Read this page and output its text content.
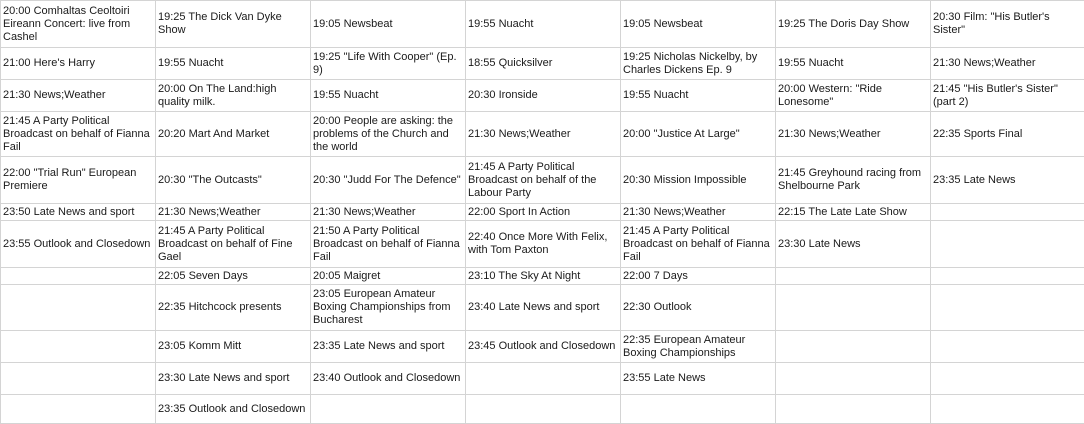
20:00 Comhaltas Ceoltoiri Eireann Concert: live from Cashel	19:25 The Dick Van Dyke Show	19:05 Newsbeat	19:55 Nuacht	19:05 Newsbeat	19:25 The Doris Day Show	20:30 Film: "His Butler's Sister"
21:00 Here's Harry	19:55 Nuacht	19:25 "Life With Cooper" (Ep. 9)	18:55 Quicksilver	19:25 Nicholas Nickelby, by Charles Dickens Ep. 9	19:55 Nuacht	21:30 News;Weather
21:30 News;Weather	20:00 On The Land:high quality milk.	19:55 Nuacht	20:30 Ironside	19:55 Nuacht	20:00 Western: "Ride Lonesome"	21:45 "His Butler's Sister" (part 2)
21:45 A Party Political Broadcast on behalf of Fianna Fail	20:20 Mart And Market	20:00 People are asking: the problems of the Church and the world	21:30 News;Weather	20:00 "Justice At Large"	21:30 News;Weather	22:35 Sports Final
22:00 "Trial Run" European Premiere	20:30 "The Outcasts"	20:30 "Judd For The Defence"	21:45 A Party Political Broadcast on behalf of the Labour Party	20:30 Mission Impossible	21:45 Greyhound racing from Shelbourne Park	23:35 Late News
23:50 Late News and sport	21:30 News;Weather	21:30 News;Weather	22:00 Sport In Action	21:30 News;Weather	22:15 The Late Late Show	
23:55 Outlook and Closedown	21:45 A Party Political Broadcast on behalf of Fine Gael	21:50 A Party Political Broadcast on behalf of Fianna Fail	22:40 Once More With Felix, with Tom Paxton	21:45 A Party Political Broadcast on behalf of Fianna Fail	23:30 Late News	
	22:05 Seven Days	20:05 Maigret	23:10 The Sky At Night	22:00 7 Days		
	22:35 Hitchcock presents	23:05 European Amateur Boxing Championships from Bucharest	23:40 Late News and sport	22:30 Outlook		
	23:05 Komm Mitt	23:35 Late News and sport	23:45 Outlook and Closedown	22:35 European Amateur Boxing Championships		
	23:30 Late News and sport	23:40 Outlook and Closedown		23:55 Late News		
	23:35 Outlook and Closedown					
